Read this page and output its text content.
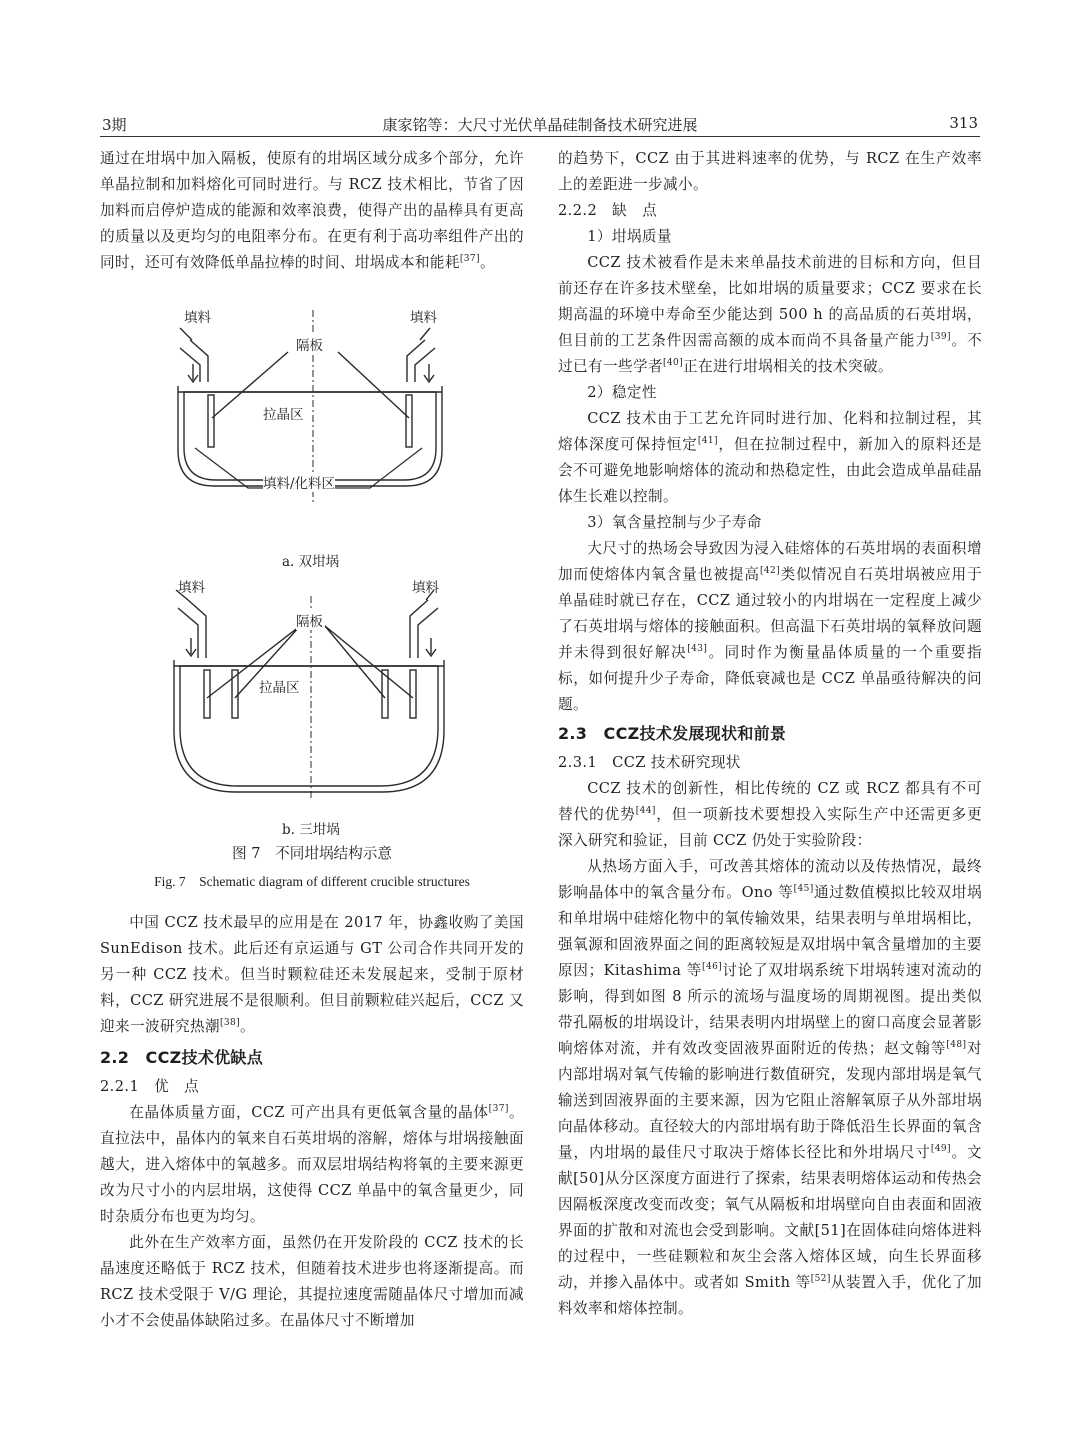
3期	康家铭等：大尺寸光伏单晶硅制备技术研究进展	313

通过在坩埚中加入隔板，使原有的坩埚区域分成多个部分，允许单晶拉制和加料熔化可同时进行。与 RCZ 技术相比，节省了因加料而启停炉造成的能源和效率浪费，使得产出的晶棒具有更高的质量以及更均匀的电阻率分布。在更有利于高功率组件产出的同时，还可有效降低单晶拉棒的时间、坩埚成本和能耗[37]。

填料	填料
隔板
拉晶区
填料/化料区
a. 双坩埚
填料	填料
隔板
拉晶区
b. 三坩埚
图 7　不同坩埚结构示意
Fig. 7　Schematic diagram of different crucible structures

中国 CCZ 技术最早的应用是在 2017 年，协鑫收购了美国 SunEdison 技术。此后还有京运通与 GT 公司合作共同开发的另一种 CCZ 技术。但当时颗粒硅还未发展起来，受制于原材料，CCZ 研究进展不是很顺利。但目前颗粒硅兴起后，CCZ 又迎来一波研究热潮[38]。

2.2　CCZ技术优缺点

2.2.1　优　点

在晶体质量方面，CCZ 可产出具有更低氧含量的晶体[37]。直拉法中，晶体内的氧来自石英坩埚的溶解，熔体与坩埚接触面越大，进入熔体中的氧越多。而双层坩埚结构将氧的主要来源更改为尺寸小的内层坩埚，这使得 CCZ 单晶中的氧含量更少，同时杂质分布也更为均匀。

此外在生产效率方面，虽然仍在开发阶段的 CCZ 技术的长晶速度还略低于 RCZ 技术，但随着技术进步也将逐渐提高。而 RCZ 技术受限于 V/G 理论，其提拉速度需随晶体尺寸增加而减小才不会使晶体缺陷过多。在晶体尺寸不断增加

的趋势下，CCZ 由于其进料速率的优势，与 RCZ 在生产效率上的差距进一步减小。

2.2.2　缺　点

1）坩埚质量

CCZ 技术被看作是未来单晶技术前进的目标和方向，但目前还存在许多技术壁垒，比如坩埚的质量要求；CCZ 要求在长期高温的环境中寿命至少能达到 500 h 的高品质的石英坩埚，但目前的工艺条件因需高额的成本而尚不具备量产能力[39]。不过已有一些学者[40]正在进行坩埚相关的技术突破。

2）稳定性

CCZ 技术由于工艺允许同时进行加、化料和拉制过程，其熔体深度可保持恒定[41]，但在拉制过程中，新加入的原料还是会不可避免地影响熔体的流动和热稳定性，由此会造成单晶硅晶体生长难以控制。

3）氧含量控制与少子寿命

大尺寸的热场会导致因为浸入硅熔体的石英坩埚的表面积增加而使熔体内氧含量也被提高[42]类似情况自石英坩埚被应用于单晶硅时就已存在，CCZ 通过较小的内坩埚在一定程度上减少了石英坩埚与熔体的接触面积。但高温下石英坩埚的氧释放问题并未得到很好解决[43]。同时作为衡量晶体质量的一个重要指标，如何提升少子寿命，降低衰减也是 CCZ 单晶亟待解决的问题。

2.3　CCZ技术发展现状和前景

2.3.1　CCZ 技术研究现状

CCZ 技术的创新性，相比传统的 CZ 或 RCZ 都具有不可替代的优势[44]，但一项新技术要想投入实际生产中还需更多更深入研究和验证，目前 CCZ 仍处于实验阶段：

从热场方面入手，可改善其熔体的流动以及传热情况，最终影响晶体中的氧含量分布。Ono 等[45]通过数值模拟比较双坩埚和单坩埚中硅熔化物中的氧传输效果，结果表明与单坩埚相比，强氧源和固液界面之间的距离较短是双坩埚中氧含量增加的主要原因；Kitashima 等[46]讨论了双坩埚系统下坩埚转速对流动的影响，得到如图 8 所示的流场与温度场的周期视图。提出类似带孔隔板的坩埚设计，结果表明内坩埚壁上的窗口高度会显著影响熔体对流，并有效改变固液界面附近的传热；赵文翰等[48]对内部坩埚对氧气传输的影响进行数值研究，发现内部坩埚是氧气输送到固液界面的主要来源，因为它阻止溶解氧原子从外部坩埚向晶体移动。直径较大的内部坩埚有助于降低沿生长界面的氧含量，内坩埚的最佳尺寸取决于熔体长径比和外坩埚尺寸[49]。文献[50]从分区深度方面进行了探索，结果表明熔体运动和传热会因隔板深度改变而改变；氧气从隔板和坩埚壁向自由表面和固液界面的扩散和对流也会受到影响。文献[51]在固体硅向熔体进料的过程中，一些硅颗粒和灰尘会落入熔体区域，向生长界面移动，并掺入晶体中。或者如 Smith 等[52]从装置入手，优化了加料效率和熔体控制。
